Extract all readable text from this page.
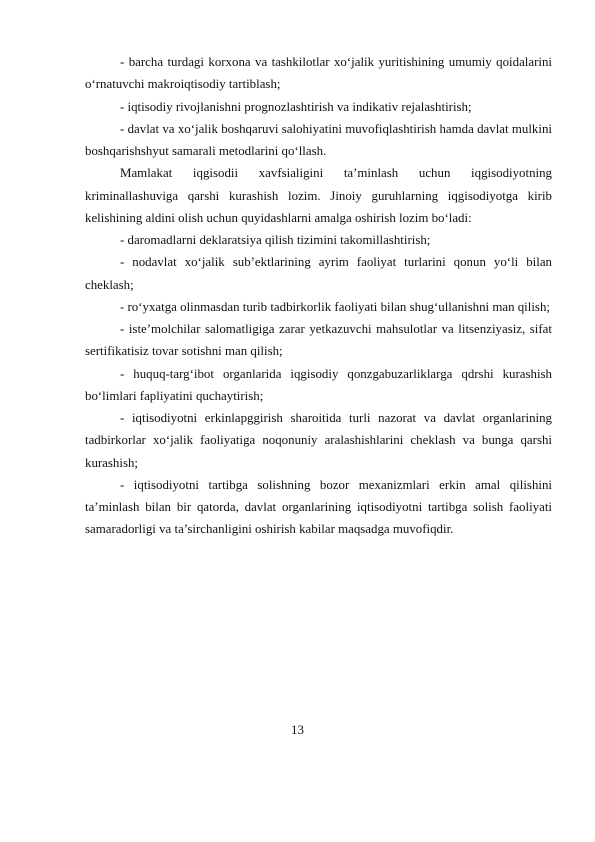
- barcha turdagi korxona va tashkilotlar xo‘jalik yuritishining umumiy qoidalarini o‘rnatuvchi makroiqtisodiy tartiblash;

- iqtisodiy rivojlanishni prognozlashtirish va indikativ rejalashtirish;

- davlat va xo‘jalik boshqaruvi salohiyatini muvofiqlashtirish hamda davlat mulkini boshqarishshyut samarali metodlarini qo‘llash.

Mamlakat iqgisodii xavfsialigini ta’minlash uchun iqgisodiyotning kriminallashuviga qarshi kurashish lozim. Jinoiy guruhlarning iqgisodiyotga kirib kelishining aldini olish uchun quyidashlarni amalga oshirish lozim bo‘ladi:

- daromadlarni deklaratsiya qilish tizimini takomillashtirish;

- nodavlat xo‘jalik sub’ektlarining ayrim faoliyat turlarini qonun yo‘li bilan cheklash;

- ro‘yxatga olinmasdan turib tadbirkorlik faoliyati bilan shug‘ullanishni man qilish;

- iste’molchilar salomatligiga zarar yetkazuvchi mahsulotlar va litsenziyasiz, sifat sertifikatisiz tovar sotishni man qilish;

- huquq-targ‘ibot organlarida iqgisodiy qonzgabuzarliklarga qdrshi kurashish bo‘limlari fapliyatini quchaytirish;

- iqtisodiyotni erkinlapggirish sharoitida turli nazorat va davlat organlarining tadbirkorlar xo‘jalik faoliyatiga noqonuniy aralashishlarini cheklash va bunga qarshi kurashish;

- iqtisodiyotni tartibga solishning bozor mexanizmlari erkin amal qilishini ta’minlash bilan bir qatorda, davlat organlarining iqtisodiyotni tartibga solish faoliyati samaradorligi va ta’sirchanligini oshirish kabilar maqsadga muvofiqdir.

13
